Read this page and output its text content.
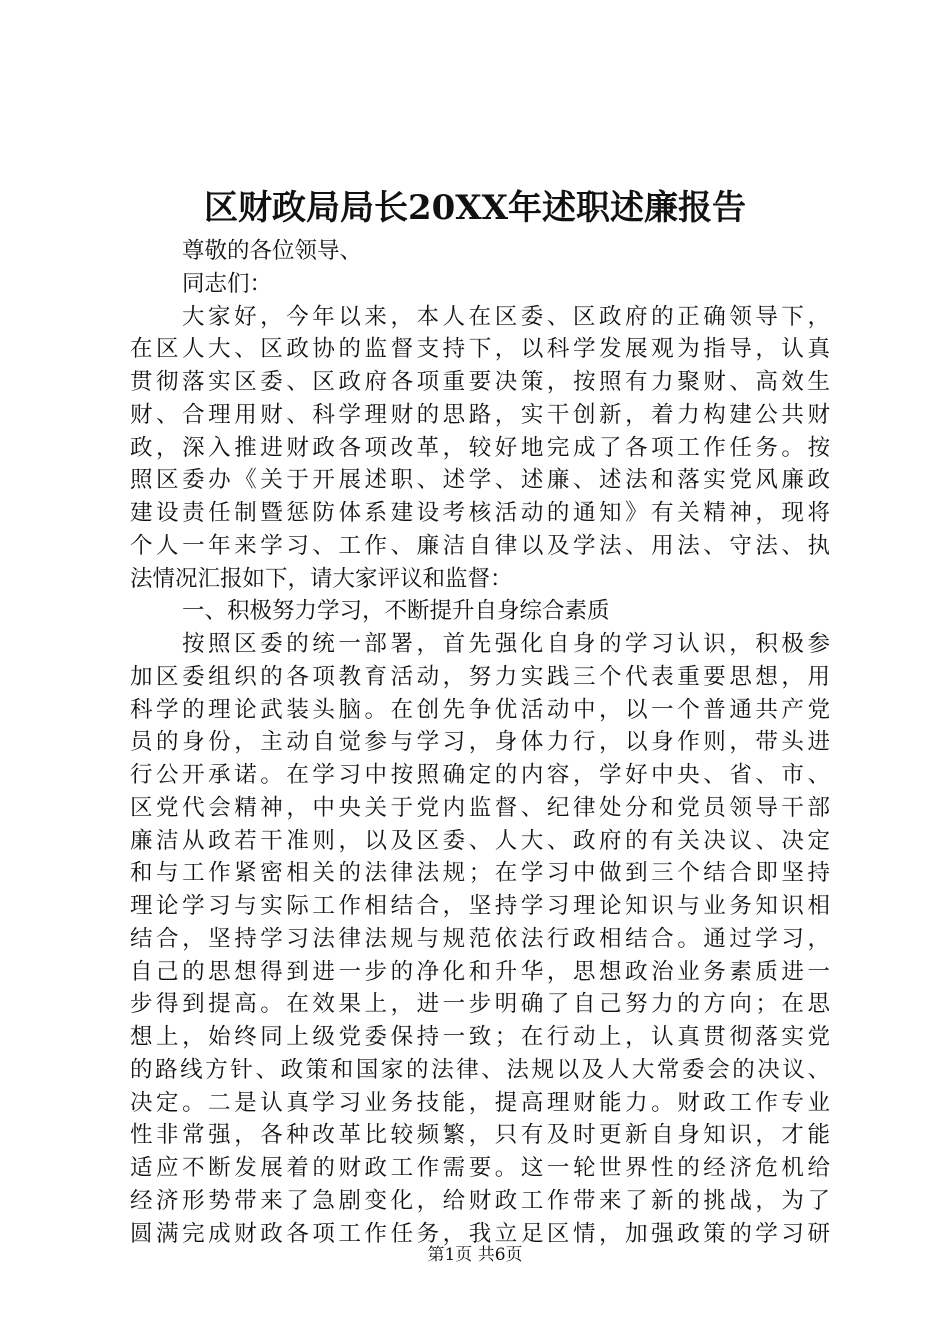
区财政局局长20XX年述职述廉报告
尊敬的各位领导、
同志们：
大家好，今年以来，本人在区委、区政府的正确领导下，
在区人大、区政协的监督支持下，以科学发展观为指导，认真
贯彻落实区委、区政府各项重要决策，按照有力聚财、高效生
财、合理用财、科学理财的思路，实干创新，着力构建公共财
政，深入推进财政各项改革，较好地完成了各项工作任务。按
照区委办《关于开展述职、述学、述廉、述法和落实党风廉政
建设责任制暨惩防体系建设考核活动的通知》有关精神，现将
个人一年来学习、工作、廉洁自律以及学法、用法、守法、执
法情况汇报如下，请大家评议和监督：
一、积极努力学习，不断提升自身综合素质
按照区委的统一部署，首先强化自身的学习认识，积极参
加区委组织的各项教育活动，努力实践三个代表重要思想，用
科学的理论武装头脑。在创先争优活动中，以一个普通共产党
员的身份，主动自觉参与学习，身体力行，以身作则，带头进
行公开承诺。在学习中按照确定的内容，学好中央、省、市、
区党代会精神，中央关于党内监督、纪律处分和党员领导干部
廉洁从政若干准则，以及区委、人大、政府的有关决议、决定
和与工作紧密相关的法律法规；在学习中做到三个结合即坚持
理论学习与实际工作相结合，坚持学习理论知识与业务知识相
结合，坚持学习法律法规与规范依法行政相结合。通过学习，
自己的思想得到进一步的净化和升华，思想政治业务素质进一
步得到提高。在效果上，进一步明确了自己努力的方向；在思
想上，始终同上级党委保持一致；在行动上，认真贯彻落实党
的路线方针、政策和国家的法律、法规以及人大常委会的决议、
决定。二是认真学习业务技能，提高理财能力。财政工作专业
性非常强，各种改革比较频繁，只有及时更新自身知识，才能
适应不断发展着的财政工作需要。这一轮世界性的经济危机给
经济形势带来了急剧变化，给财政工作带来了新的挑战，为了
圆满完成财政各项工作任务，我立足区情，加强政策的学习研
第1页 共6页
